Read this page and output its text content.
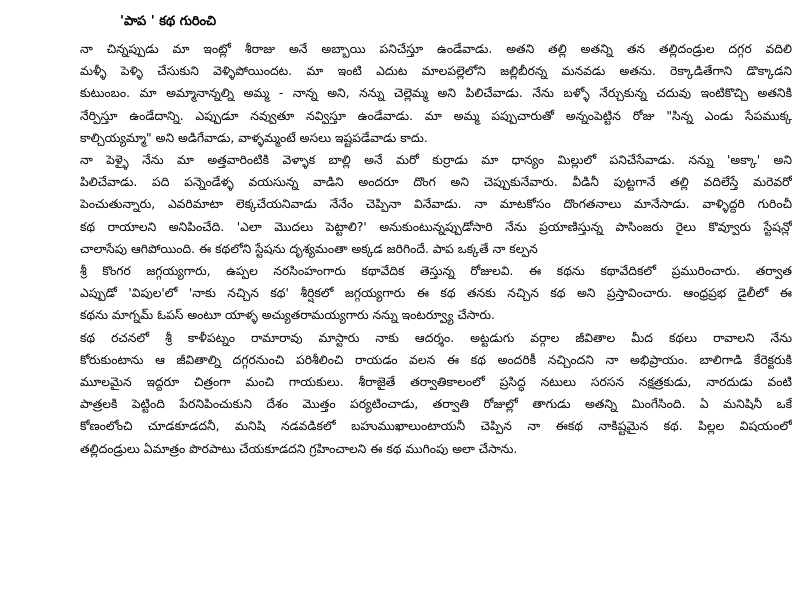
'పాప ' కథ గురించి
నా చిన్నప్పుడు మా ఇంట్లో శీరాజు అనే అబ్బాయి పనిచేస్తూ ఉండేవాడు. అతని తల్లి అతన్ని తన తల్లిదండ్రుల దగ్గర వదిలి
మళ్ళీ పెళ్ళి చేసుకుని వెళ్ళిపోయిందట. మా ఇంటి ఎదుట మాలపల్లెలోని జల్లిబీరన్న మనవడు అతను. రెక్కాడితేగాని డొక్కాడని
కుటుంబం. మా అమ్మానాన్నల్ని అమ్మ - నాన్న అని, నన్ను చెల్లెమ్మ అని పిలిచేవాడు. నేను బళ్ళో నేర్చుకున్న చదువు ఇంటికొచ్చి అతనికి
నేర్పిస్తూ ఉండేదాన్ని. ఎప్పుడూ నవ్వుతూ నవ్విస్తూ ఉండేవాడు. మా అమ్మ పప్పుచారుతో అన్నంపెట్టిన రోజు "సిన్న ఎండు సేపముక్క
కాల్చియ్యమ్మా" అని అడిగేవాడు, వాళ్ళమ్మంటే అసలు ఇష్టపడేవాడు కాదు.
నా పెళ్ళై నేను మా అత్తవారింటికి వెళ్ళాక బాల్లి అనే మరో కుర్రాడు మా ధాన్యం మిల్లులో పనిచేసేవాడు. నన్ను 'అక్కా' అని
పిలిచేవాడు. పది పన్నెండేళ్ళ వయసున్న వాడిని అందరూ దొంగ అని చెప్పుకునేవారు. వీడినీ పుట్టగానే తల్లి వదిలేస్తే మరెవరో
పెంచుతున్నారు, ఎవరిమాటా లెక్కచేయనివాడు నేనేం చెప్పినా వినేవాడు. నా మాటకోసం దొంగతనాలు మానేసాడు. వాళ్ళిద్దరి గురించీ
కథ రాయాలని అనిపించేది. 'ఎలా మొదలు పెట్టాలి?' అనుకుంటున్నప్పుడోసారి నేను ప్రయాణిస్తున్న పాసింజరు రైలు కొవ్వూరు స్టేషన్లో
చాలాసేపు ఆగిపోయింది. ఈ కథలోని స్టేషను దృశ్యమంతా అక్కడ జరిగిందే. పాప ఒక్కతే నా కల్పన
శ్రీ కొంగర జగ్గయ్యగారు, ఉప్పల నరసింహంగారు కథావేదిక తెస్తున్న రోజులవి. ఈ కథను కథావేదికలో ప్రమురించారు. తర్వాత
ఎప్పుడో 'విపుల'లో 'నాకు నచ్చిన కథ' శీర్షికలో జగ్గయ్యగారు ఈ కథ తనకు నచ్చిన కథ అని ప్రస్తావించారు. ఆంధ్రప్రభ డైలీలో ఈ
కథను మాగ్నమ్ ఓపస్ అంటూ యాళ్ళ అచ్యుతరామయ్యగారు నన్ను ఇంటర్వ్యూ చేసారు.
కథ రచనలో శ్రీ కాళీపట్నం రామారావు మాస్టారు నాకు ఆదర్శం. అట్టడుగు వర్గాల జీవితాల మీద కథలు రావాలని నేను
కోరుకుంటాను ఆ జీవితాల్ని దగ్గరనుంచి పరిశీలించి రాయడం వలన ఈ కథ అందరికీ నచ్చిందని నా అభిప్రాయం. బాలిగాడి కేరెక్టరుకి
మూలమైన ఇద్దరూ చిత్రంగా మంచి గాయకులు. శీరాజైతే తర్వాతికాలంలో ప్రసిద్ధ నటులు సరసన నక్షత్రకుడు, నారదుడు వంటి
పాత్రలకి పెట్టింది పేరనిపించుకుని దేశం మొత్తం పర్యటించాడు, తర్వాతి రోజుల్లో తాగుడు అతన్ని మింగేసింది. ఏ మనిషినీ ఒకే
కోణంలోంచి చూడకూడదనీ, మనిషి నడవడికలో బహుముఖాలుంటాయనీ చెప్పిన నా ఈకథ నాకిష్టమైన కథ. పిల్లల విషయంలో
తల్లిదండ్రులు ఏమాత్రం పొరపాటు చేయకూడదని గ్రహించాలని ఈ కథ ముగింపు అలా చేసాను.
